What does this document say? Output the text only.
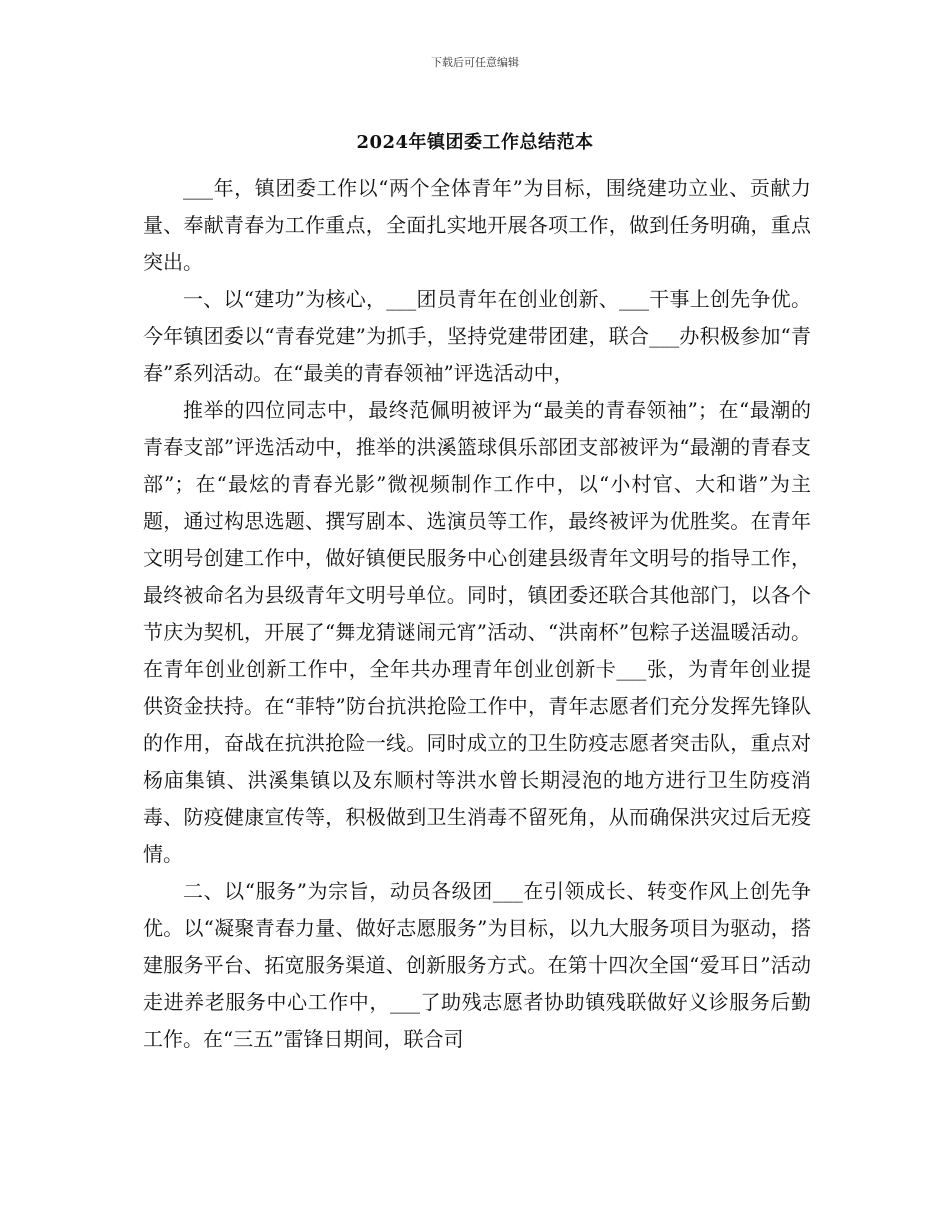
下载后可任意编辑
2024年镇团委工作总结范本

___年，镇团委工作以“两个全体青年”为目标，围绕建功立业、贡献力量、奉献青春为工作重点，全面扎实地开展各项工作，做到任务明确，重点突出。

一、以“建功”为核心，___团员青年在创业创新、___干事上创先争优。今年镇团委以“青春党建”为抓手，坚持党建带团建，联合___办积极参加“青春”系列活动。在“最美的青春领袖”评选活动中，

推举的四位同志中，最终范佩明被评为“最美的青春领袖”；在“最潮的青春支部”评选活动中，推举的洪溪篮球俱乐部团支部被评为“最潮的青春支部”；在“最炫的青春光影”微视频制作工作中，以“小村官、大和谐”为主题，通过构思选题、撰写剧本、选演员等工作，最终被评为优胜奖。在青年文明号创建工作中，做好镇便民服务中心创建县级青年文明号的指导工作，最终被命名为县级青年文明号单位。同时，镇团委还联合其他部门，以各个节庆为契机，开展了“舞龙猜谜闹元宵”活动、“洪南杯”包粽子送温暖活动。在青年创业创新工作中，全年共办理青年创业创新卡___张，为青年创业提供资金扶持。在“菲特”防台抗洪抢险工作中，青年志愿者们充分发挥先锋队的作用，奋战在抗洪抢险一线。同时成立的卫生防疫志愿者突击队，重点对杨庙集镇、洪溪集镇以及东顺村等洪水曾长期浸泡的地方进行卫生防疫消毒、防疫健康宣传等，积极做到卫生消毒不留死角，从而确保洪灾过后无疫情。

二、以“服务”为宗旨，动员各级团___在引领成长、转变作风上创先争优。以“凝聚青春力量、做好志愿服务”为目标，以九大服务项目为驱动，搭建服务平台、拓宽服务渠道、创新服务方式。在第十四次全国“爱耳日”活动走进养老服务中心工作中，___了助残志愿者协助镇残联做好义诊服务后勤工作。在“三五”雷锋日期间，联合司
